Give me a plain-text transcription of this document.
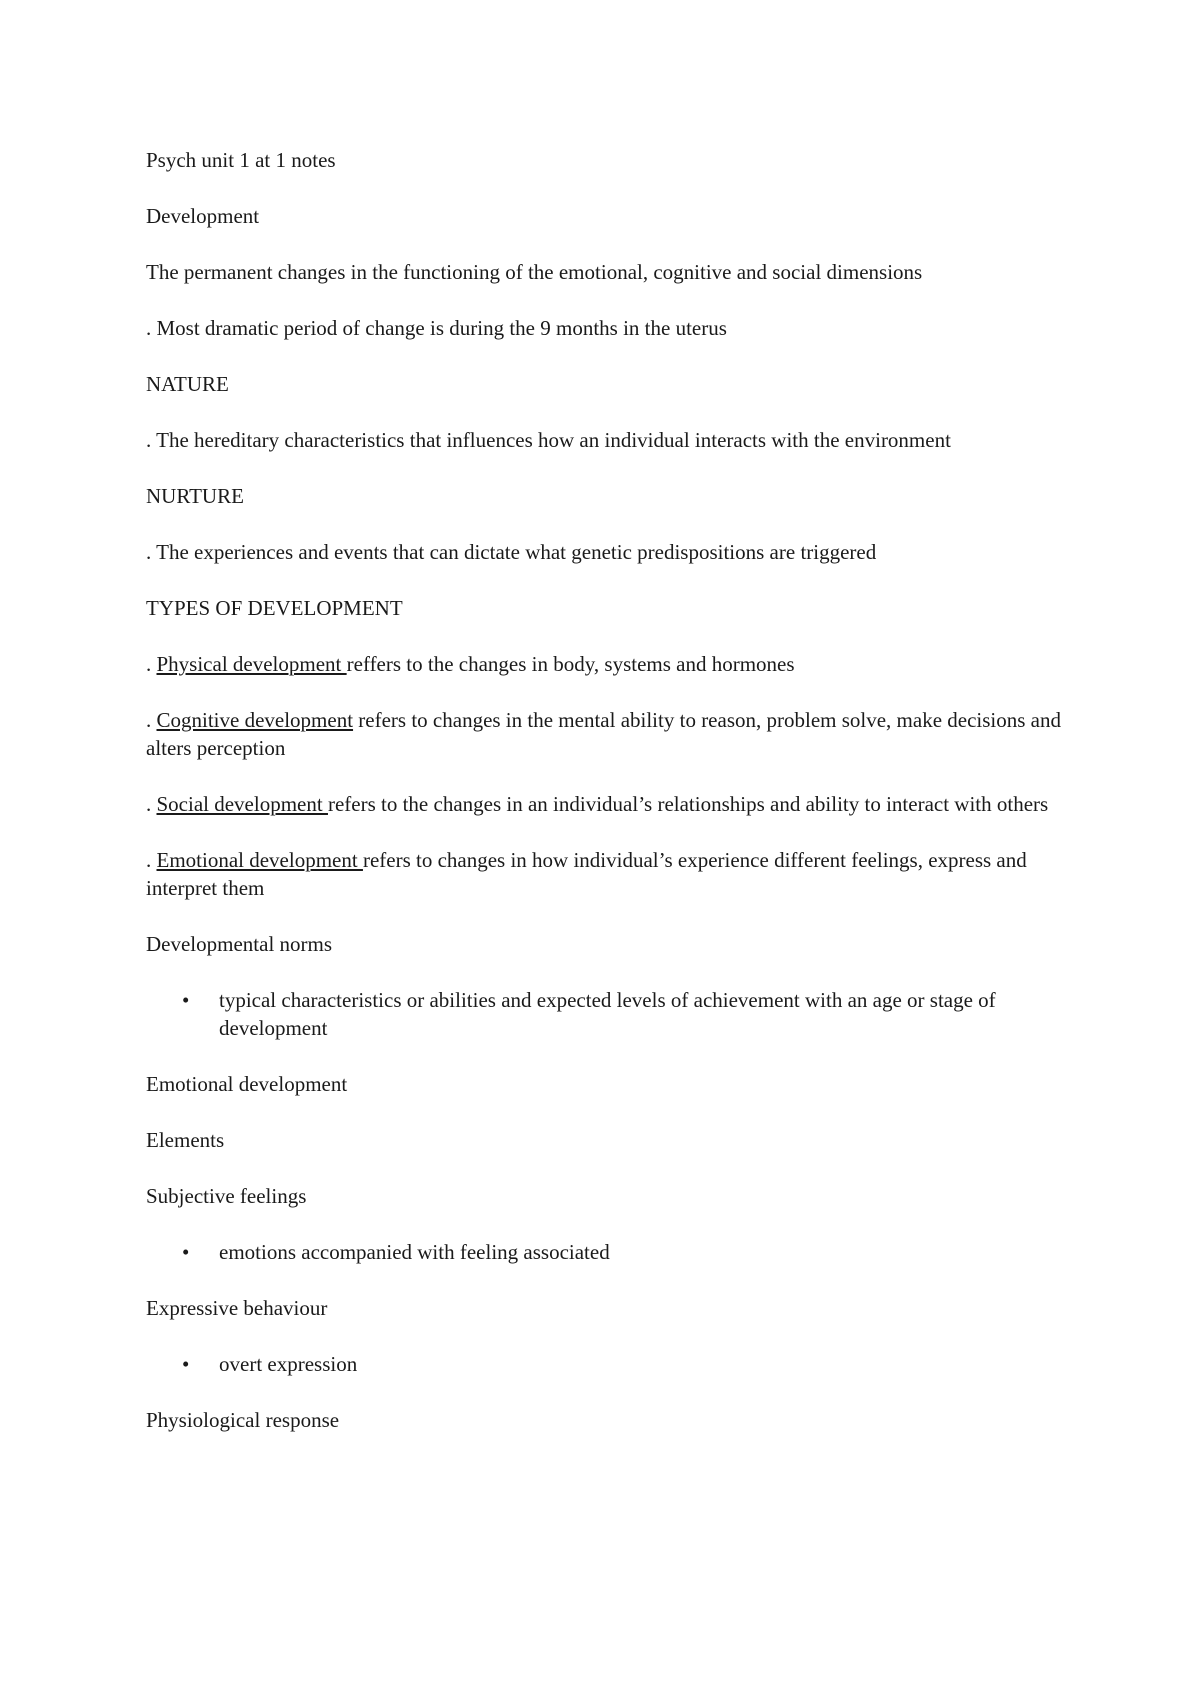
Psych unit 1 at 1 notes

Development

The permanent changes in the functioning of the emotional, cognitive and social dimensions

. Most dramatic period of change is during the 9 months in the uterus

NATURE

. The hereditary characteristics that influences how an individual interacts with the environment

NURTURE

. The experiences and events that can dictate what genetic predispositions are triggered

TYPES OF DEVELOPMENT

. Physical development reffers to the changes in body, systems and hormones

. Cognitive development refers to changes in the mental ability to reason, problem solve, make decisions and alters perception

. Social development refers to the changes in an individual’s relationships and ability to interact with others

. Emotional development refers to changes in how individual’s experience different feelings, express and interpret them

Developmental norms

• typical characteristics or abilities and expected levels of achievement with an age or stage of development

Emotional development

Elements

Subjective feelings

• emotions accompanied with feeling associated

Expressive behaviour

• overt expression

Physiological response
